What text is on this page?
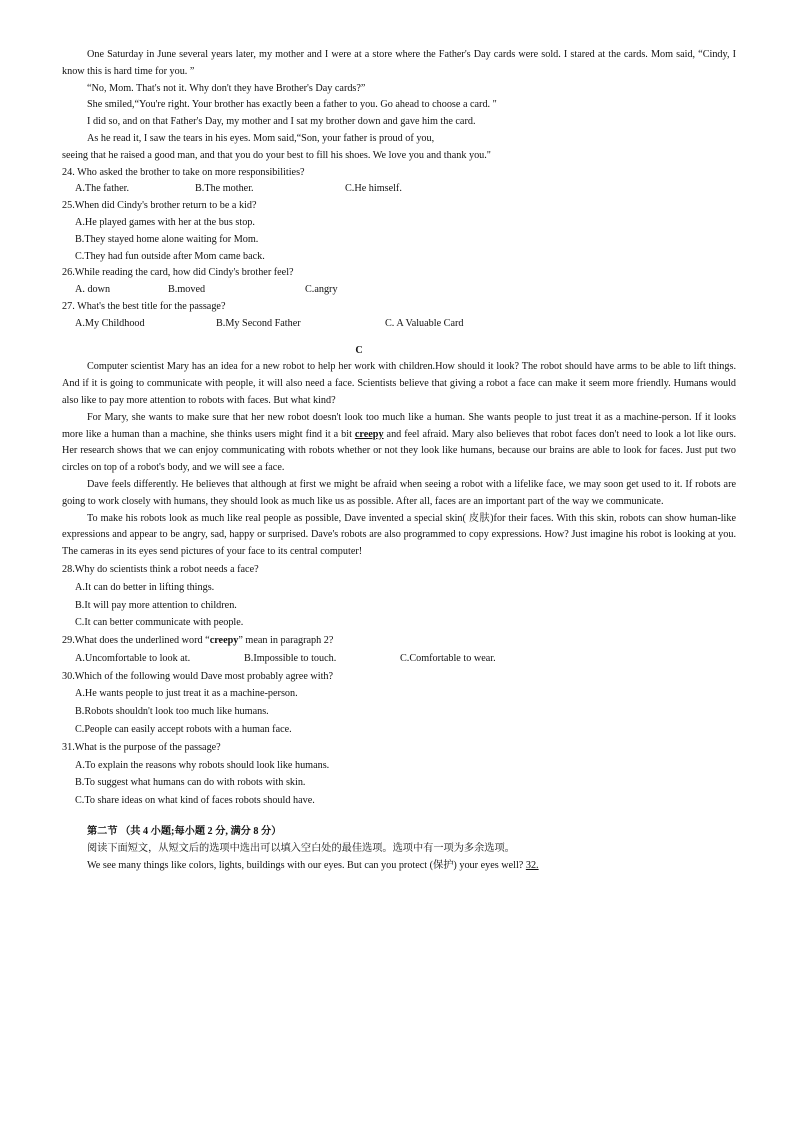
One Saturday in June several years later, my mother and I were at a store where the Father's Day cards were sold. I stared at the cards. Mom said, “Cindy, I know this is hard time for you. ”

“No, Mom. That's not it. Why don't they have Brother's Day cards?”

She smiled,“You're right. Your brother has exactly been a father to you. Go ahead to choose a card. "

I did so, and on that Father's Day, my mother and I sat my brother down and gave him the card.

As he read it, I saw the tears in his eyes. Mom said,“Son, your father is proud of you,

seeing that he raised a good man, and that you do your best to fill his shoes. We love you and thank you."

24. Who asked the brother to take on more responsibilities?

A.The father.	B.The mother.	C.He himself.

25.When did Cindy's brother return to be a kid?

A.He played games with her at the bus stop.

B.They stayed home alone waiting for Mom.

C.They had fun outside after Mom came back.

26.While reading the card, how did Cindy's brother feel?

A. down	B.moved	C.angry

27. What's the best title for the passage?

A.My Childhood	B.My Second Father	C. A Valuable Card

C

Computer scientist Mary has an idea for a new robot to help her work with children.How should it look? The robot should have arms to be able to lift things. And if it is going to communicate with people, it will also need a face. Scientists believe that giving a robot a face can make it seem more friendly. Humans would also like to pay more attention to robots with faces. But what kind?

For Mary, she wants to make sure that her new robot doesn't look too much like a human. She wants people to just treat it as a machine-person. If it looks more like a human than a machine, she thinks users might find it a bit creepy and feel afraid. Mary also believes that robot faces don't need to look a lot like ours. Her research shows that we can enjoy communicating with robots whether or not they look like humans, because our brains are able to look for faces. Just put two circles on top of a robot's body, and we will see a face.

Dave feels differently. He believes that although at first we might be afraid when seeing a robot with a lifelike face, we may soon get used to it. If robots are going to work closely with humans, they should look as much like us as possible. After all, faces are an important part of the way we communicate.

To make his robots look as much like real people as possible, Dave invented a special skin( 皮肤)for their faces. With this skin, robots can show human-like expressions and appear to be angry, sad, happy or surprised. Dave's robots are also programmed to copy expressions. How? Just imagine his robot is looking at you. The cameras in its eyes send pictures of your face to its central computer!

28.Why do scientists think a robot needs a face?

A.It can do better in lifting things.

B.It will pay more attention to children.

C.It can better communicate with people.

29.What does the underlined word “creepy” mean in paragraph 2?

A.Uncomfortable to look at.	B.Impossible to touch.	C.Comfortable to wear.

30.Which of the following would Dave most probably agree with?

A.He wants people to just treat it as a machine-person.

B.Robots shouldn't look too much like humans.

C.People can easily accept robots with a human face.

31.What is the purpose of the passage?

A.To explain the reasons why robots should look like humans.

B.To suggest what humans can do with robots with skin.

C.To share ideas on what kind of faces robots should have.

第二节 （共 4 小题;每小题 2 分, 满分 8 分）

阅读下面短文，从短文后的选项中选出可以填入空白处的最佳选项。选项中有一项为多余选项。

We see many things like colors, lights, buildings with our eyes. But can you protect (保护) your eyes well? 32.
